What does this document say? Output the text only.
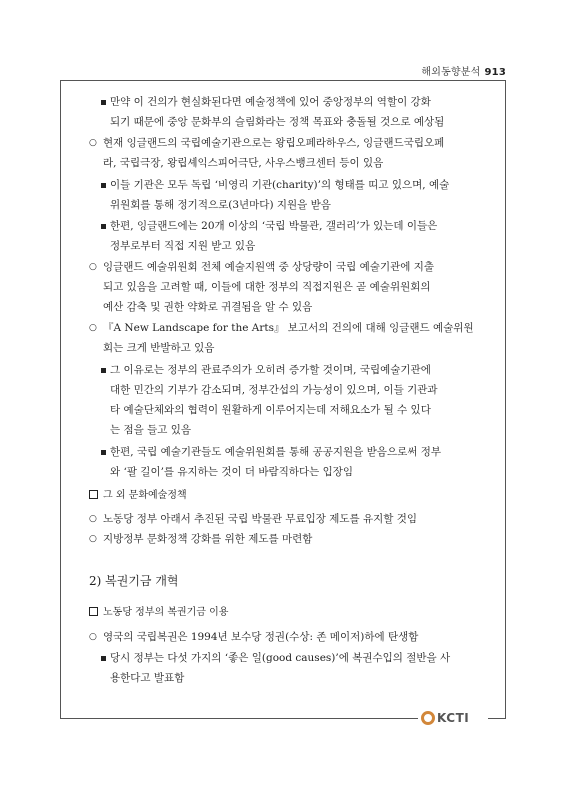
해외동향분석 913
KCTI
만약 이 건의가 현실화된다면 예술정책에 있어 중앙정부의 역할이 강화
되기 때문에 중앙 문화부의 슬림화라는 정책 목표와 충돌될 것으로 예상됨
○ 현재 잉글랜드의 국립예술기관으로는 왕립오페라하우스, 잉글랜드국립오페
라, 국립극장, 왕립셰익스피어극단, 사우스뱅크센터 등이 있음
이들 기관은 모두 독립 ‘비영리 기관(charity)’의 형태를 띠고 있으며, 예술
위원회를 통해 정기적으로(3년마다) 지원을 받음
한편, 잉글랜드에는 20개 이상의 ‘국립 박물관, 갤러리’가 있는데 이들은
정부로부터 직접 지원 받고 있음
○ 잉글랜드 예술위원회 전체 예술지원액 중 상당량이 국립 예술기관에 지출
되고 있음을 고려할 때, 이들에 대한 정부의 직접지원은 곧 예술위원회의
예산 감축 및 권한 약화로 귀결됨을 알 수 있음
○ 『A New Landscape for the Arts』 보고서의 건의에 대해 잉글랜드 예술위원
회는 크게 반발하고 있음
그 이유로는 정부의 관료주의가 오히려 증가할 것이며, 국립예술기관에
대한 민간의 기부가 감소되며, 정부간섭의 가능성이 있으며, 이들 기관과
타 예술단체와의 협력이 원활하게 이루어지는데 저해요소가 될 수 있다
는 점을 들고 있음
한편, 국립 예술기관들도 예술위원회를 통해 공공지원을 받음으로써 정부
와 ‘팔 길이’를 유지하는 것이 더 바람직하다는 입장임
그 외 문화예술정책
○ 노동당 정부 아래서 추진된 국립 박물관 무료입장 제도를 유지할 것임
○ 지방정부 문화정책 강화를 위한 제도를 마련함
2) 복권기금 개혁
노동당 정부의 복권기금 이용
○ 영국의 국립복권은 1994년 보수당 정권(수상: 존 메이저)하에 탄생함
당시 정부는 다섯 가지의 ‘좋은 일(good causes)’에 복권수입의 절반을 사
용한다고 발표함
